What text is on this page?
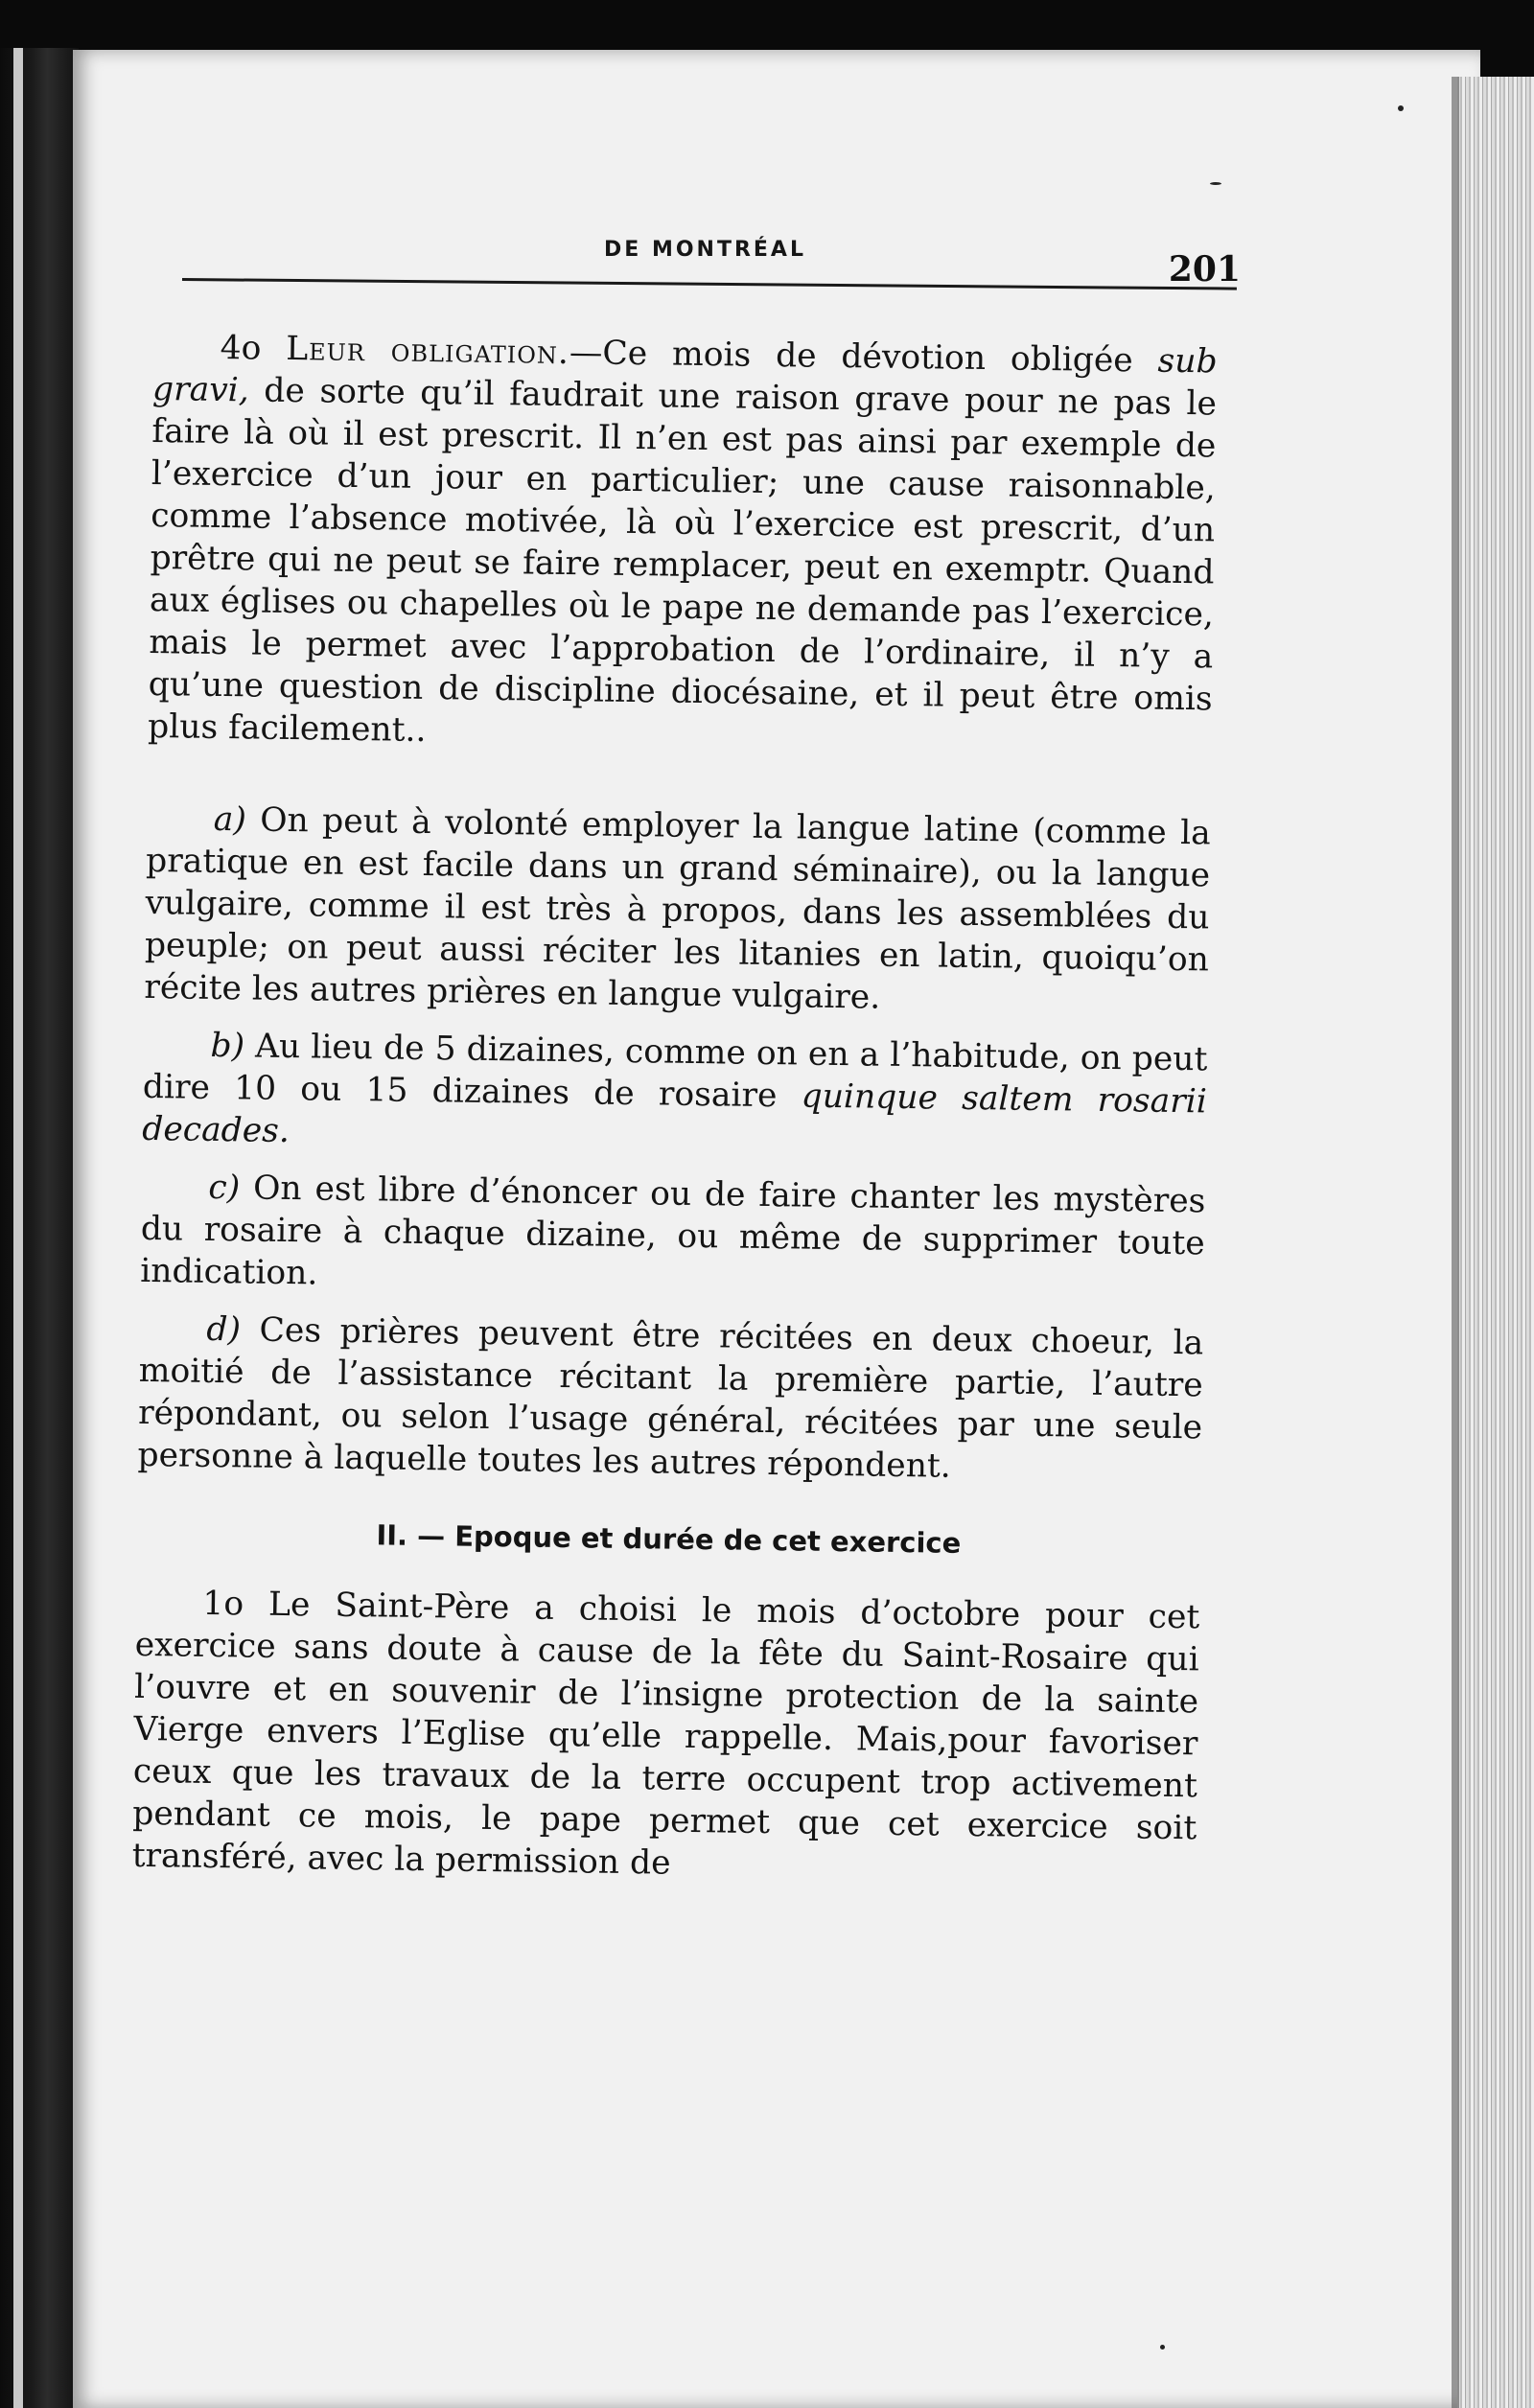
DE MONTRÉAL	201

4o Leur obligation.—Ce mois de dévotion obligée sub gravi, de sorte qu’il faudrait une raison grave pour ne pas le faire là où il est prescrit. Il n’en est pas ainsi par exemple de l’exercice d’un jour en particulier; une cause raisonnable, comme l’absence motivée, là où l’exercice est prescrit, d’un prêtre qui ne peut se faire remplacer, peut en exemptr. Quand aux églises ou chapelles où le pape ne demande pas l’exercice, mais le permet avec l’approbation de l’ordinaire, il n’y a qu’une question de discipline diocésaine, et il peut être omis plus facilement..

a) On peut à volonté employer la langue latine (comme la pratique en est facile dans un grand séminaire), ou la langue vulgaire, comme il est très à propos, dans les assemblées du peuple; on peut aussi réciter les litanies en latin, quoiqu’on récite les autres prières en langue vulgaire.

b) Au lieu de 5 dizaines, comme on en a l’habitude, on peut dire 10 ou 15 dizaines de rosaire quinque saltem rosarii decades.

c) On est libre d’énoncer ou de faire chanter les mystères du rosaire à chaque dizaine, ou même de supprimer toute indication.

d) Ces prières peuvent être récitées en deux choeur, la moitié de l’assistance récitant la première partie, l’autre répondant, ou selon l’usage général, récitées par une seule personne à laquelle toutes les autres répondent.

II. — Epoque et durée de cet exercice

1o Le Saint-Père a choisi le mois d’octobre pour cet exercice sans doute à cause de la fête du Saint-Rosaire qui l’ouvre et en souvenir de l’insigne protection de la sainte Vierge envers l’Eglise qu’elle rappelle. Mais,pour favoriser ceux que les travaux de la terre occupent trop activement pendant ce mois, le pape permet que cet exercice soit transféré, avec la permission de
